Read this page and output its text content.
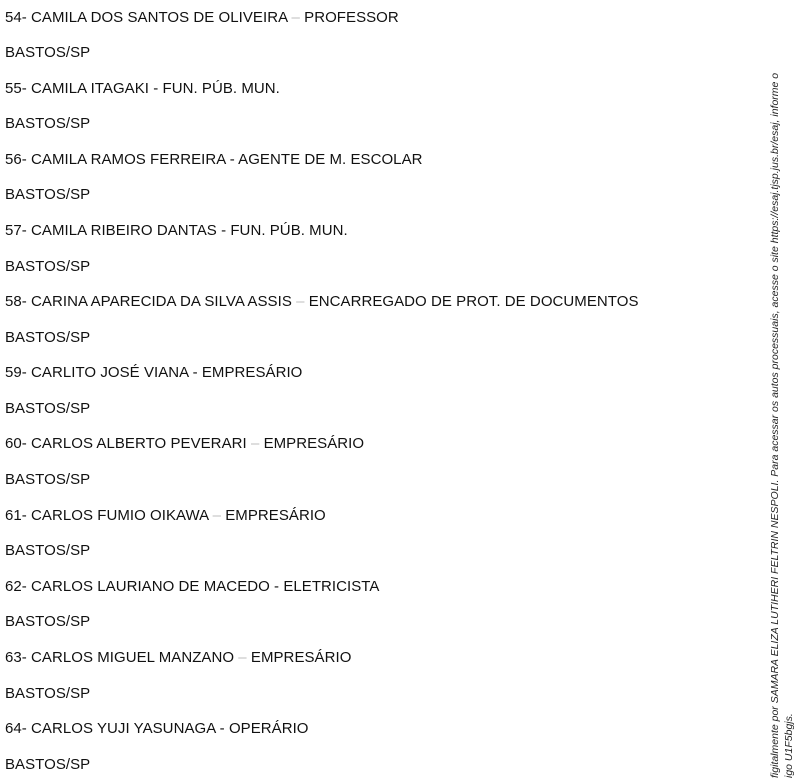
54- CAMILA DOS SANTOS DE OLIVEIRA – PROFESSOR
BASTOS/SP
55- CAMILA ITAGAKI - FUN. PÚB. MUN.
BASTOS/SP
56- CAMILA RAMOS FERREIRA - AGENTE DE M. ESCOLAR
BASTOS/SP
57- CAMILA RIBEIRO DANTAS - FUN. PÚB. MUN.
BASTOS/SP
58- CARINA APARECIDA DA SILVA ASSIS – ENCARREGADO DE PROT. DE DOCUMENTOS
BASTOS/SP
59- CARLITO JOSÉ VIANA - EMPRESÁRIO
BASTOS/SP
60- CARLOS ALBERTO PEVERARI – EMPRESÁRIO
BASTOS/SP
61- CARLOS FUMIO OIKAWA – EMPRESÁRIO
BASTOS/SP
62- CARLOS LAURIANO DE MACEDO - ELETRICISTA
BASTOS/SP
63- CARLOS MIGUEL MANZANO – EMPRESÁRIO
BASTOS/SP
64- CARLOS YUJI YASUNAGA - OPERÁRIO
BASTOS/SP	figitalmente por SAMARA ELIZA LUTIHERI FELTRIN NESPOLI. Para acessar os autos processuais, acesse o site https://esaj.tjsp.jus.br/esaj, informe o igo U1F5bgjs.
